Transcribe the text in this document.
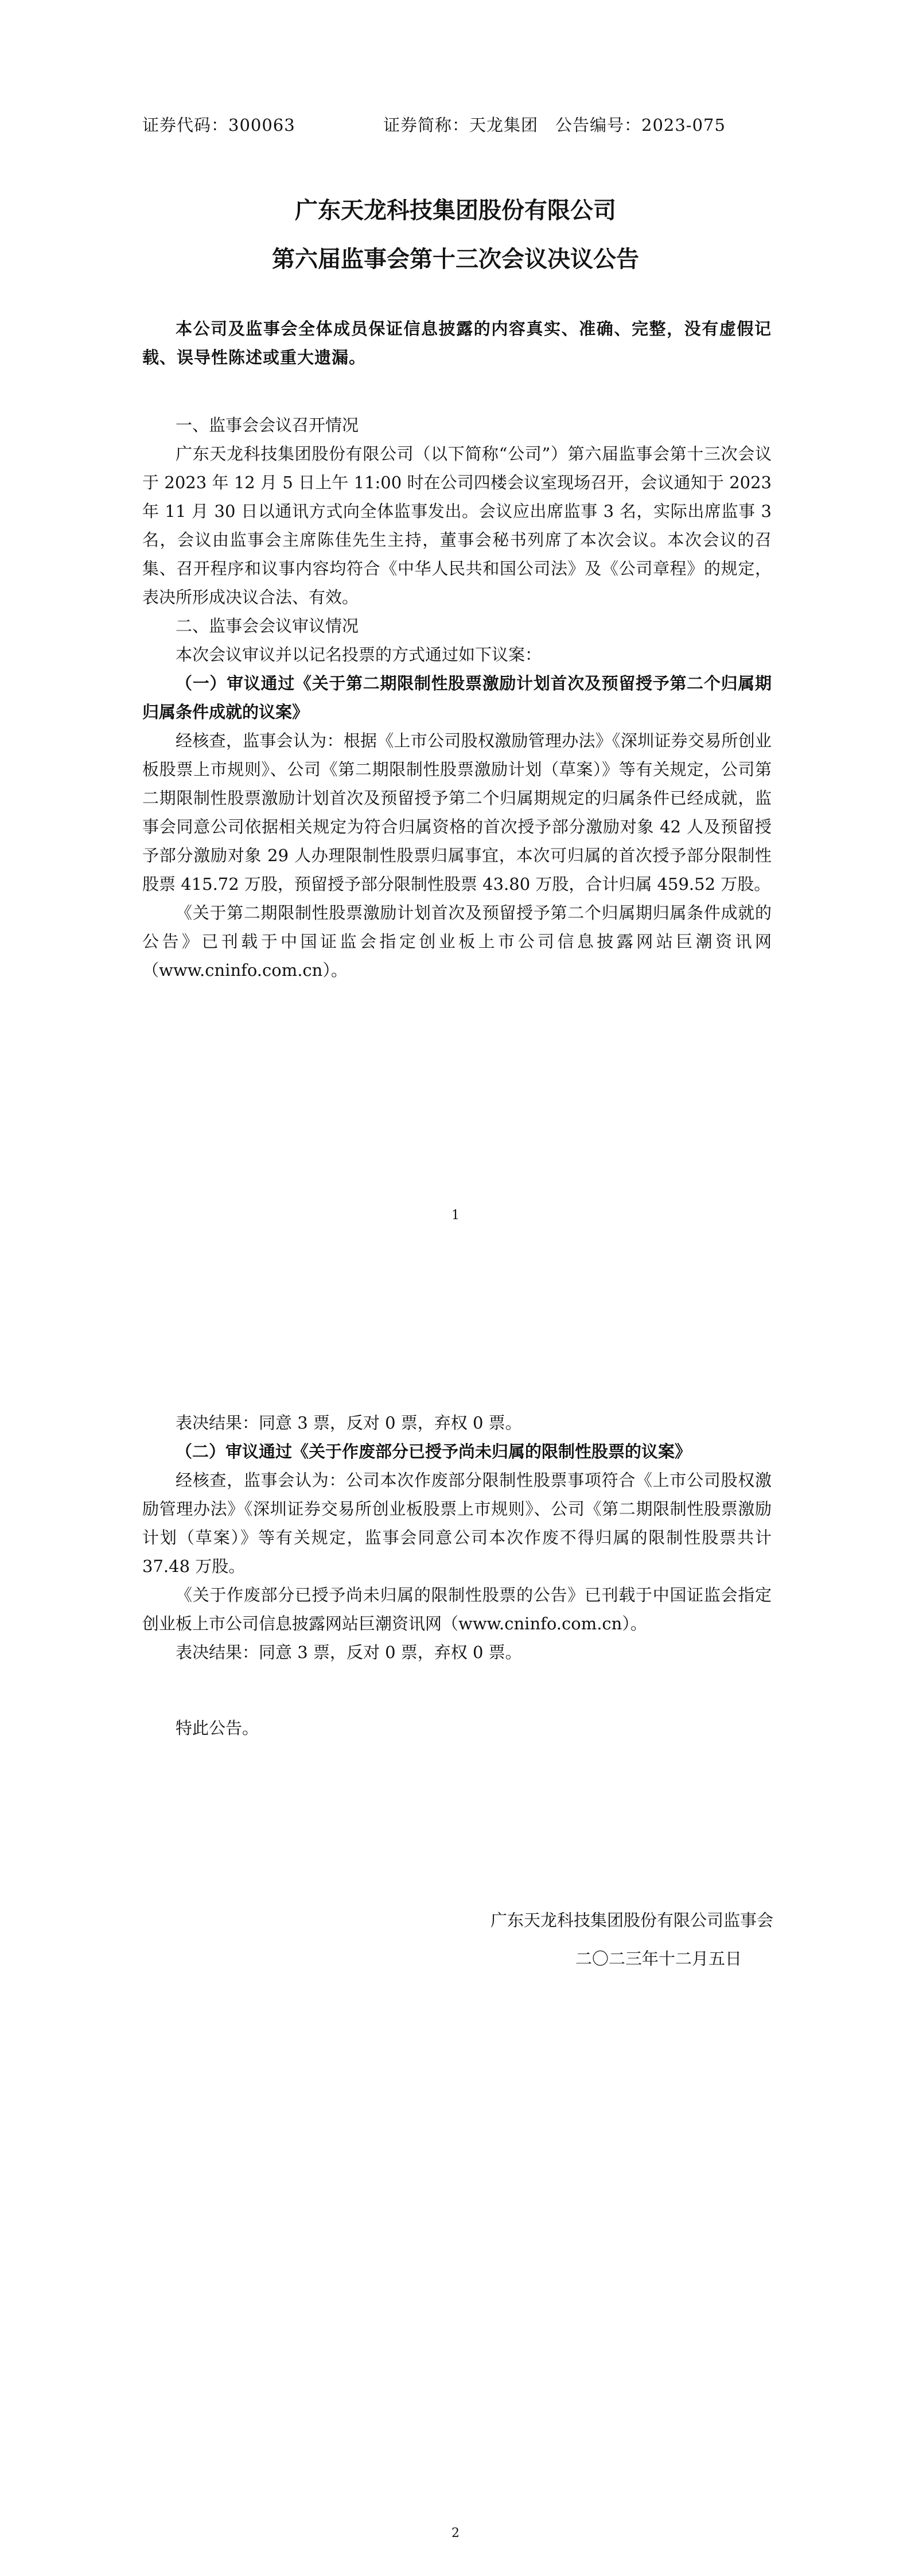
证券代码：300063	证券简称：天龙集团 公告编号：2023-075
广东天龙科技集团股份有限公司
第六届监事会第十三次会议决议公告

本公司及监事会全体成员保证信息披露的内容真实、准确、完整，没有虚假记载、误导性陈述或重大遗漏。

一、监事会会议召开情况

广东天龙科技集团股份有限公司（以下简称“公司”）第六届监事会第十三次会议于 2023 年 12 月 5 日上午 11:00 时在公司四楼会议室现场召开，会议通知于 2023 年 11 月 30 日以通讯方式向全体监事发出。会议应出席监事 3 名，实际出席监事 3 名，会议由监事会主席陈佳先生主持，董事会秘书列席了本次会议。本次会议的召集、召开程序和议事内容均符合《中华人民共和国公司法》及《公司章程》的规定，表决所形成决议合法、有效。

二、监事会会议审议情况

本次会议审议并以记名投票的方式通过如下议案：

（一）审议通过《关于第二期限制性股票激励计划首次及预留授予第二个归属期归属条件成就的议案》

经核查，监事会认为：根据《上市公司股权激励管理办法》《深圳证券交易所创业板股票上市规则》、公司《第二期限制性股票激励计划（草案）》等有关规定，公司第二期限制性股票激励计划首次及预留授予第二个归属期规定的归属条件已经成就，监事会同意公司依据相关规定为符合归属资格的首次授予部分激励对象 42 人及预留授予部分激励对象 29 人办理限制性股票归属事宜，本次可归属的首次授予部分限制性股票 415.72 万股，预留授予部分限制性股票 43.80 万股，合计归属 459.52 万股。

《关于第二期限制性股票激励计划首次及预留授予第二个归属期归属条件成就的公告》已刊载于中国证监会指定创业板上市公司信息披露网站巨潮资讯网（www.cninfo.com.cn）。

1

表决结果：同意 3 票，反对 0 票，弃权 0 票。

（二）审议通过《关于作废部分已授予尚未归属的限制性股票的议案》

经核查，监事会认为：公司本次作废部分限制性股票事项符合《上市公司股权激励管理办法》《深圳证券交易所创业板股票上市规则》、公司《第二期限制性股票激励计划（草案）》等有关规定，监事会同意公司本次作废不得归属的限制性股票共计 37.48 万股。

《关于作废部分已授予尚未归属的限制性股票的公告》已刊载于中国证监会指定创业板上市公司信息披露网站巨潮资讯网（www.cninfo.com.cn）。

表决结果：同意 3 票，反对 0 票，弃权 0 票。

特此公告。

广东天龙科技集团股份有限公司监事会
二〇二三年十二月五日
2
